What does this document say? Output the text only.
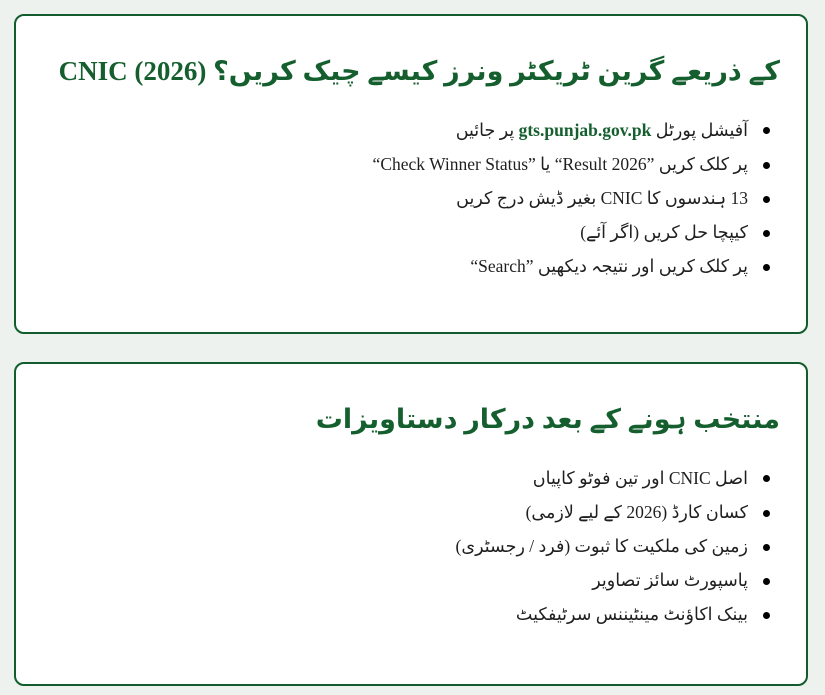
CNIC کے ذریعے گرین ٹریکٹر ونرز کیسے چیک کریں؟ (2026)
آفیشل پورٹل gts.punjab.gov.pk پر جائیں
“Check Winner Status” یا “Result 2026” پر کلک کریں
13 ہندسوں کا CNIC بغیر ڈیش درج کریں
کیپچا حل کریں (اگر آئے)
“Search” پر کلک کریں اور نتیجہ دیکھیں
منتخب ہونے کے بعد درکار دستاویزات
اصل CNIC اور تین فوٹو کاپیاں
کسان کارڈ (2026 کے لیے لازمی)
زمین کی ملکیت کا ثبوت (فرد / رجسٹری)
پاسپورٹ سائز تصاویر
بینک اکاؤنٹ مینٹیننس سرٹیفکیٹ
